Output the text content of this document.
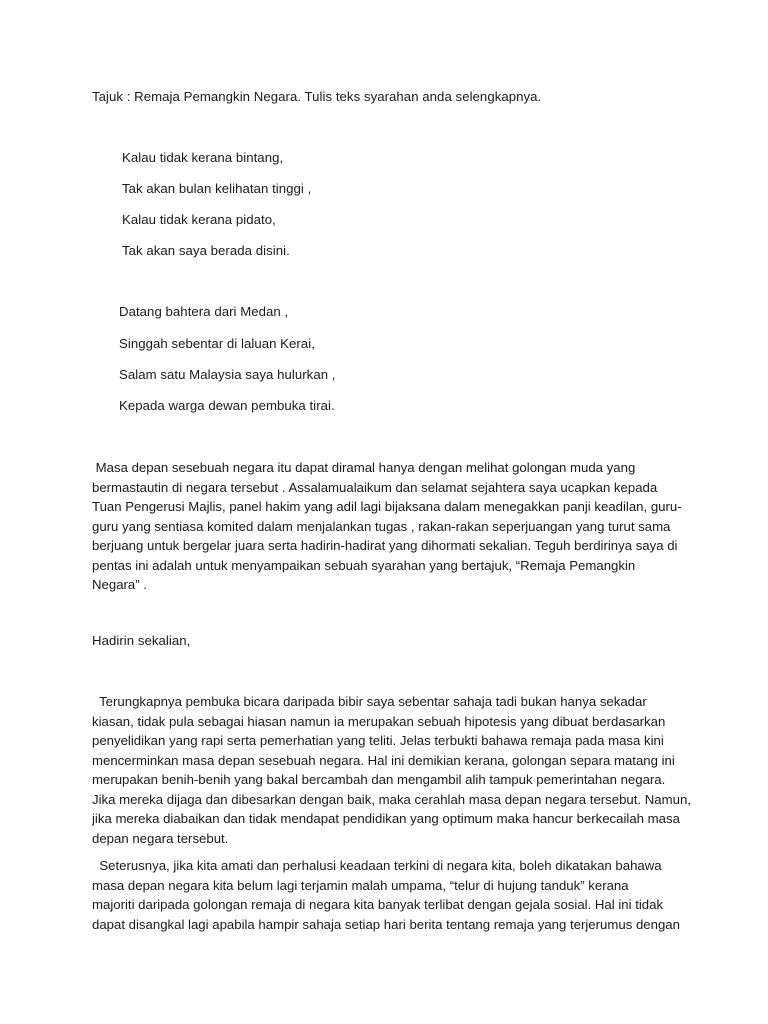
Tajuk : Remaja Pemangkin Negara. Tulis teks syarahan anda selengkapnya.
Kalau tidak kerana bintang,
Tak akan bulan kelihatan tinggi ,
Kalau tidak kerana pidato,
Tak akan saya berada disini.
Datang bahtera dari Medan ,
Singgah sebentar di laluan Kerai,
Salam satu Malaysia saya hulurkan ,
Kepada warga dewan pembuka tirai.
Masa depan sesebuah negara itu dapat diramal hanya dengan melihat golongan muda yang
bermastautin di negara tersebut . Assalamualaikum dan selamat sejahtera saya ucapkan kepada
Tuan Pengerusi Majlis, panel hakim yang adil lagi bijaksana dalam menegakkan panji keadilan, guru-
guru yang sentiasa komited dalam menjalankan tugas , rakan-rakan seperjuangan yang turut sama
berjuang untuk bergelar juara serta hadirin-hadirat yang dihormati sekalian. Teguh berdirinya saya di
pentas ini adalah untuk menyampaikan sebuah syarahan yang bertajuk, “Remaja Pemangkin
Negara” .
Hadirin sekalian,
Terungkapnya pembuka bicara daripada bibir saya sebentar sahaja tadi bukan hanya sekadar
kiasan, tidak pula sebagai hiasan namun ia merupakan sebuah hipotesis yang dibuat berdasarkan
penyelidikan yang rapi serta pemerhatian yang teliti. Jelas terbukti bahawa remaja pada masa kini
mencerminkan masa depan sesebuah negara. Hal ini demikian kerana, golongan separa matang ini
merupakan benih-benih yang bakal bercambah dan mengambil alih tampuk pemerintahan negara.
Jika mereka dijaga dan dibesarkan dengan baik, maka cerahlah masa depan negara tersebut. Namun,
jika mereka diabaikan dan tidak mendapat pendidikan yang optimum maka hancur berkecailah masa
depan negara tersebut.
Seterusnya, jika kita amati dan perhalusi keadaan terkini di negara kita, boleh dikatakan bahawa
masa depan negara kita belum lagi terjamin malah umpama, “telur di hujung tanduk” kerana
majoriti daripada golongan remaja di negara kita banyak terlibat dengan gejala sosial. Hal ini tidak
dapat disangkal lagi apabila hampir sahaja setiap hari berita tentang remaja yang terjerumus dengan
